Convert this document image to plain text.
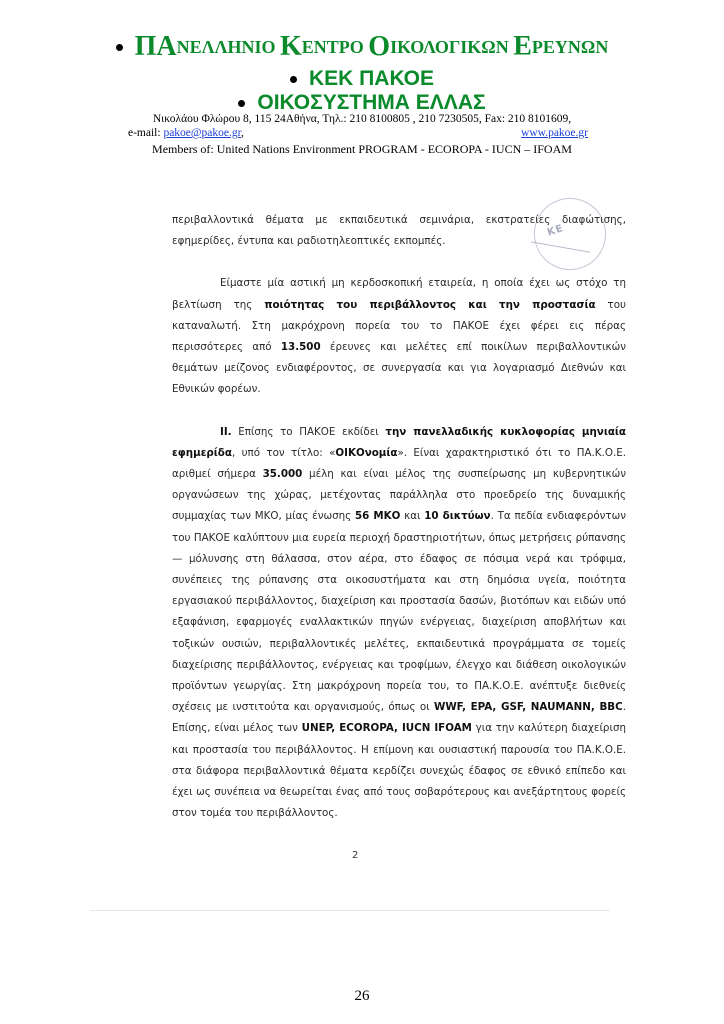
ΠΑ ΝΕΛΛΗΝΙΟ Κ ΕΝΤΡΟ Ο ΙΚΟΛΟΓΙΚΩΝ Ε ΡΕΥΝΩΝ
ΚΕΚ ΠΑΚΟΕ
ΟΙΚΟΣΥΣΤΗΜΑ ΕΛΛΑΣ
Νικολάου Φλώρου 8, 115 24Αθήνα, Τηλ.: 210 8100805 , 210 7230505, Fax: 210 8101609,
e-mail: pakoe@pakoe.gr,	www.pakoe.gr
Members of: United Nations Environment PROGRAM - ECOROPA - IUCN – IFOAM
ΚΕ

περιβαλλοντικά θέματα με εκπαιδευτικά σεμινάρια, εκστρατείες διαφώτισης, εφημερίδες, έντυπα και ραδιοτηλεοπτικές εκπομπές.

Είμαστε μία αστική μη κερδοσκοπική εταιρεία, η οποία έχει ως στόχο τη βελτίωση της ποιότητας του περιβάλλοντος και την προστασία του καταναλωτή. Στη μακρόχρονη πορεία του το ΠΑΚΟΕ έχει φέρει εις πέρας περισσότερες από 13.500 έρευνες και μελέτες επί ποικίλων περιβαλλοντικών θεμάτων μείζονος ενδιαφέροντος, σε συνεργασία και για λογαριασμό Διεθνών και Εθνικών φορέων.

ΙΙ. Επίσης το ΠΑΚΟΕ εκδίδει την πανελλαδικής κυκλοφορίας μηνιαία εφημερίδα, υπό τον τίτλο: «ΟΙΚΟνομία». Είναι χαρακτηριστικό ότι το ΠΑ.Κ.Ο.Ε. αριθμεί σήμερα 35.000 μέλη και είναι μέλος της συσπείρωσης μη κυβερνητικών οργανώσεων της χώρας, μετέχοντας παράλληλα στο προεδρείο της δυναμικής συμμαχίας των ΜΚΟ, μίας ένωσης 56 ΜΚΟ και 10 δικτύων. Τα πεδία ενδιαφερόντων του ΠΑΚΟΕ καλύπτουν μια ευρεία περιοχή δραστηριοτήτων, όπως μετρήσεις ρύπανσης — μόλυνσης στη θάλασσα, στον αέρα, στο έδαφος σε πόσιμα νερά και τρόφιμα, συνέπειες της ρύπανσης στα οικοσυστήματα και στη δημόσια υγεία, ποιότητα εργασιακού περιβάλλοντος, διαχείριση και προστασία δασών, βιοτόπων και ειδών υπό εξαφάνιση, εφαρμογές εναλλακτικών πηγών ενέργειας, διαχείριση αποβλήτων και τοξικών ουσιών, περιβαλλοντικές μελέτες, εκπαιδευτικά προγράμματα σε τομείς διαχείρισης περιβάλλοντος, ενέργειας και τροφίμων, έλεγχο και διάθεση οικολογικών προϊόντων γεωργίας. Στη μακρόχρονη πορεία του, το ΠΑ.Κ.Ο.Ε. ανέπτυξε διεθνείς σχέσεις με ινστιτούτα και οργανισμούς, όπως οι WWF, EPA, GSF, NAUMANN, BBC. Επίσης, είναι μέλος των UNEP, ECOROPA, IUCN IFOAM για την καλύτερη διαχείριση και προστασία του περιβάλλοντος. Η επίμονη και ουσιαστική παρουσία του ΠΑ.Κ.Ο.Ε. στα διάφορα περιβαλλοντικά θέματα κερδίζει συνεχώς έδαφος σε εθνικό επίπεδο και έχει ως συνέπεια να θεωρείται ένας από τους σοβαρότερους και ανεξάρτητους φορείς στον τομέα του περιβάλλοντος.

2
26
